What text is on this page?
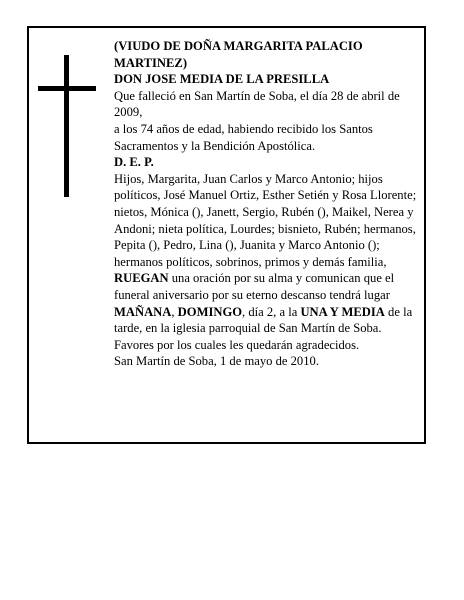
(VIUDO DE DOÑA MARGARITA PALACIO MARTINEZ)

DON JOSE MEDIA DE LA PRESILLA

Que falleció en San Martín de Soba, el día 28 de abril de 2009,

a los 74 años de edad, habiendo recibido los Santos Sacramentos y la Bendición Apostólica.

D. E. P.

Hijos, Margarita, Juan Carlos y Marco Antonio; hijos políticos, José Manuel Ortiz, Esther Setién y Rosa Llorente; nietos, Mónica (), Janett, Sergio, Rubén (), Maikel, Nerea y Andoni; nieta política, Lourdes; bisnieto, Rubén; hermanos, Pepita (), Pedro, Lina (), Juanita y Marco Antonio (); hermanos políticos, sobrinos, primos y demás familia,

RUEGAN una oración por su alma y comunican que el funeral aniversario por su eterno descanso tendrá lugar MAÑANA, DOMINGO, día 2, a la UNA Y MEDIA de la tarde, en la iglesia parroquial de San Martín de Soba. Favores por los cuales les quedarán agradecidos.

San Martín de Soba, 1 de mayo de 2010.
